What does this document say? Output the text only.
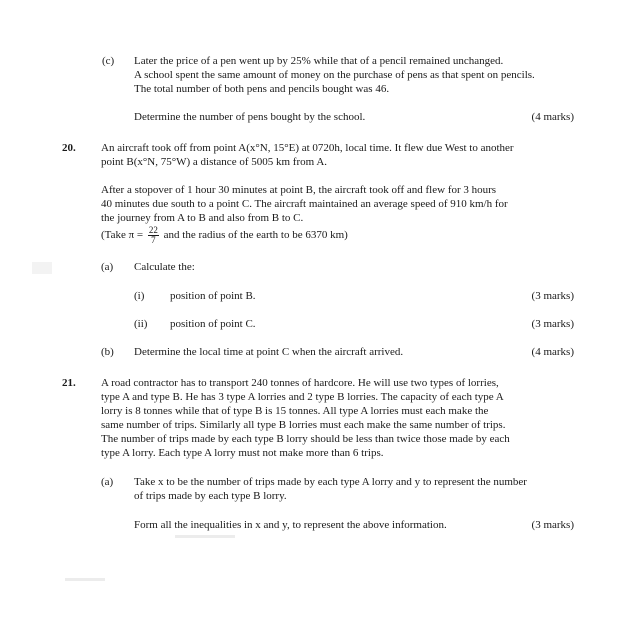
(c) Later the price of a pen went up by 25% while that of a pencil remained unchanged.
A school spent the same amount of money on the purchase of pens as that spent on pencils.
The total number of both pens and pencils bought was 46.
Determine the number of pens bought by the school.	(4 marks)
20. An aircraft took off from point A(x°N, 15°E) at 0720h, local time. It flew due West to another
point B(x°N, 75°W) a distance of 5005 km from A.
After a stopover of 1 hour 30 minutes at point B, the aircraft took off and flew for 3 hours
40 minutes due south to a point C. The aircraft maintained an average speed of 910 km/h for
the journey from A to B and also from B to C.
(Take $\pi = \frac{22}{7}$ and the radius of the earth to be 6370 km)
(a) Calculate the:
(i) position of point B.	(3 marks)
(ii) position of point C.	(3 marks)
(b) Determine the local time at point C when the aircraft arrived.	(4 marks)
21. A road contractor has to transport 240 tonnes of hardcore. He will use two types of lorries,
type A and type B. He has 3 type A lorries and 2 type B lorries. The capacity of each type A
lorry is 8 tonnes while that of type B is 15 tonnes. All type A lorries must each make the
same number of trips. Similarly all type B lorries must each make the same number of trips.
The number of trips made by each type B lorry should be less than twice those made by each
type A lorry. Each type A lorry must not make more than 6 trips.
(a) Take x to be the number of trips made by each type A lorry and y to represent the number
of trips made by each type B lorry.
Form all the inequalities in x and y, to represent the above information.	(3 marks)
